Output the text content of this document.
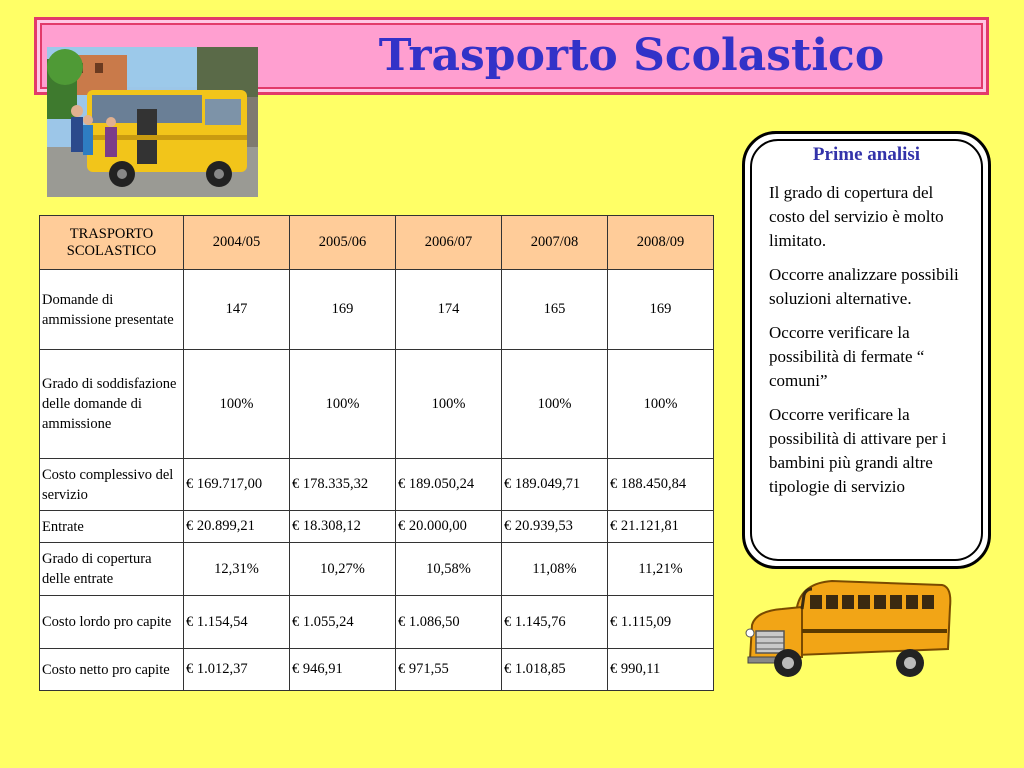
Trasporto Scolastico
TRASPORTO SCOLASTICO	2004/05	2005/06	2006/07	2007/08	2008/09
Domande di ammissione presentate	147	169	174	165	169
Grado di soddisfazione delle domande di ammissione	100%	100%	100%	100%	100%
Costo complessivo del servizio	€ 169.717,00	€ 178.335,32	€ 189.050,24	€ 189.049,71	€ 188.450,84
Entrate	€ 20.899,21	€ 18.308,12	€ 20.000,00	€ 20.939,53	€ 21.121,81
Grado di copertura delle entrate	12,31%	10,27%	10,58%	11,08%	11,21%
Costo lordo pro capite	€ 1.154,54	€ 1.055,24	€ 1.086,50	€ 1.145,76	€ 1.115,09
Costo netto pro capite	€ 1.012,37	€ 946,91	€ 971,55	€ 1.018,85	€ 990,11
Prime analisi

Il grado di copertura del costo del servizio è molto limitato.

Occorre analizzare possibili soluzioni alternative.

Occorre verificare la possibilità di fermate “ comuni”

Occorre verificare la possibilità di attivare per i bambini più grandi altre tipologie di servizio
